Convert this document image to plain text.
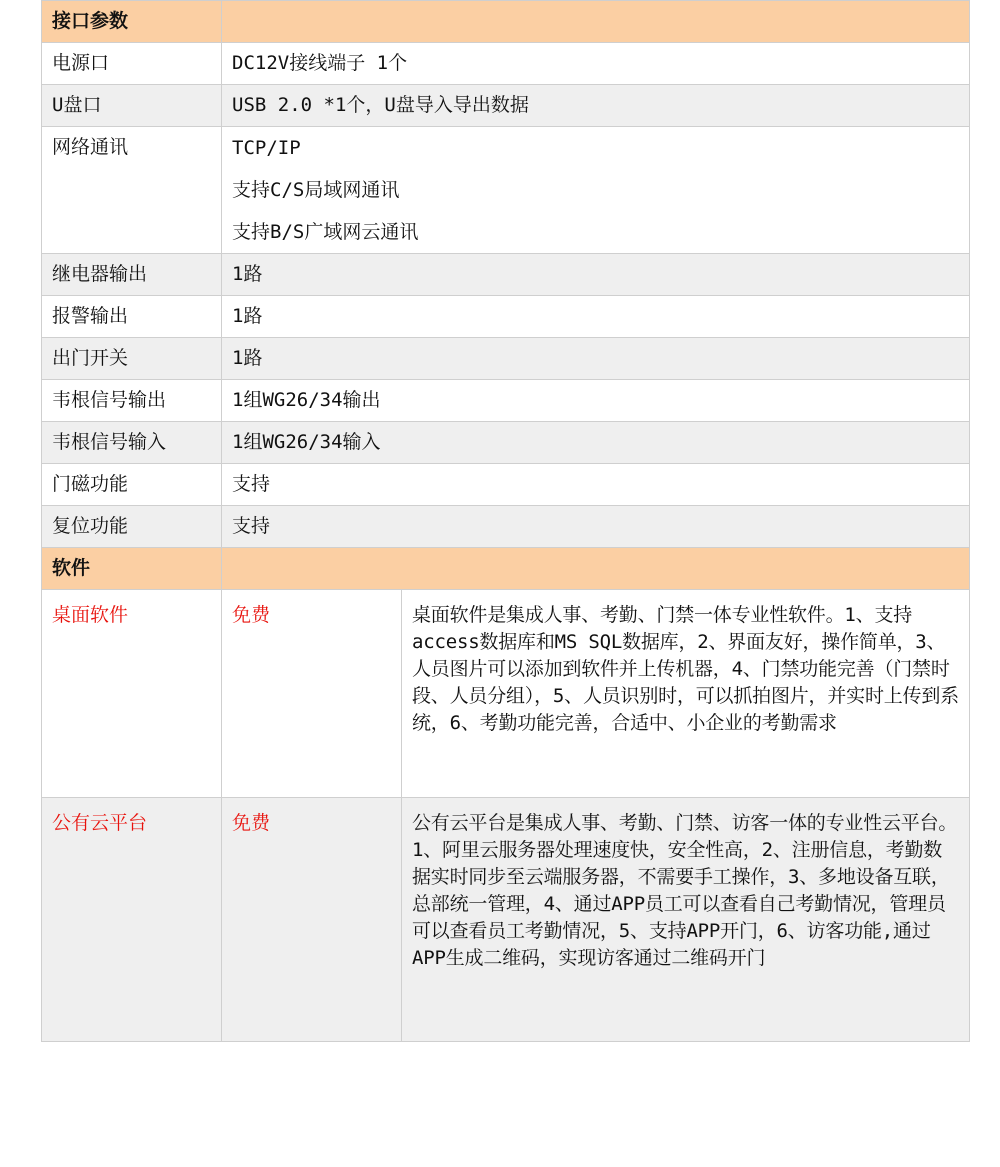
接口参数		
电源口	DC12V接线端子 1个	
U盘口	USB 2.0 *1个，U盘导入导出数据	
网络通讯	TCP/IP
支持C/S局域网通讯
支持B/S广域网云通讯	

继电器输出	1路	
报警输出	1路	
出门开关	1路	
韦根信号输出	1组WG26/34输出	
韦根信号输入	1组WG26/34输入	
门磁功能	支持	
复位功能	支持	
软件		
桌面软件	免费	桌面软件是集成人事、考勤、门禁一体专业性软件。1、支持access数据库和MS SQL数据库，2、界面友好，操作简单，3、人员图片可以添加到软件并上传机器，4、门禁功能完善（门禁时段、人员分组），5、人员识别时，可以抓拍图片，并实时上传到系统，6、考勤功能完善，合适中、小企业的考勤需求
公有云平台	免费	公有云平台是集成人事、考勤、门禁、访客一体的专业性云平台。1、阿里云服务器处理速度快，安全性高，2、注册信息，考勤数据实时同步至云端服务器，不需要手工操作，3、多地设备互联，总部统一管理，4、通过APP员工可以查看自己考勤情况，管理员可以查看员工考勤情况，5、支持APP开门，6、访客功能,通过APP生成二维码，实现访客通过二维码开门
